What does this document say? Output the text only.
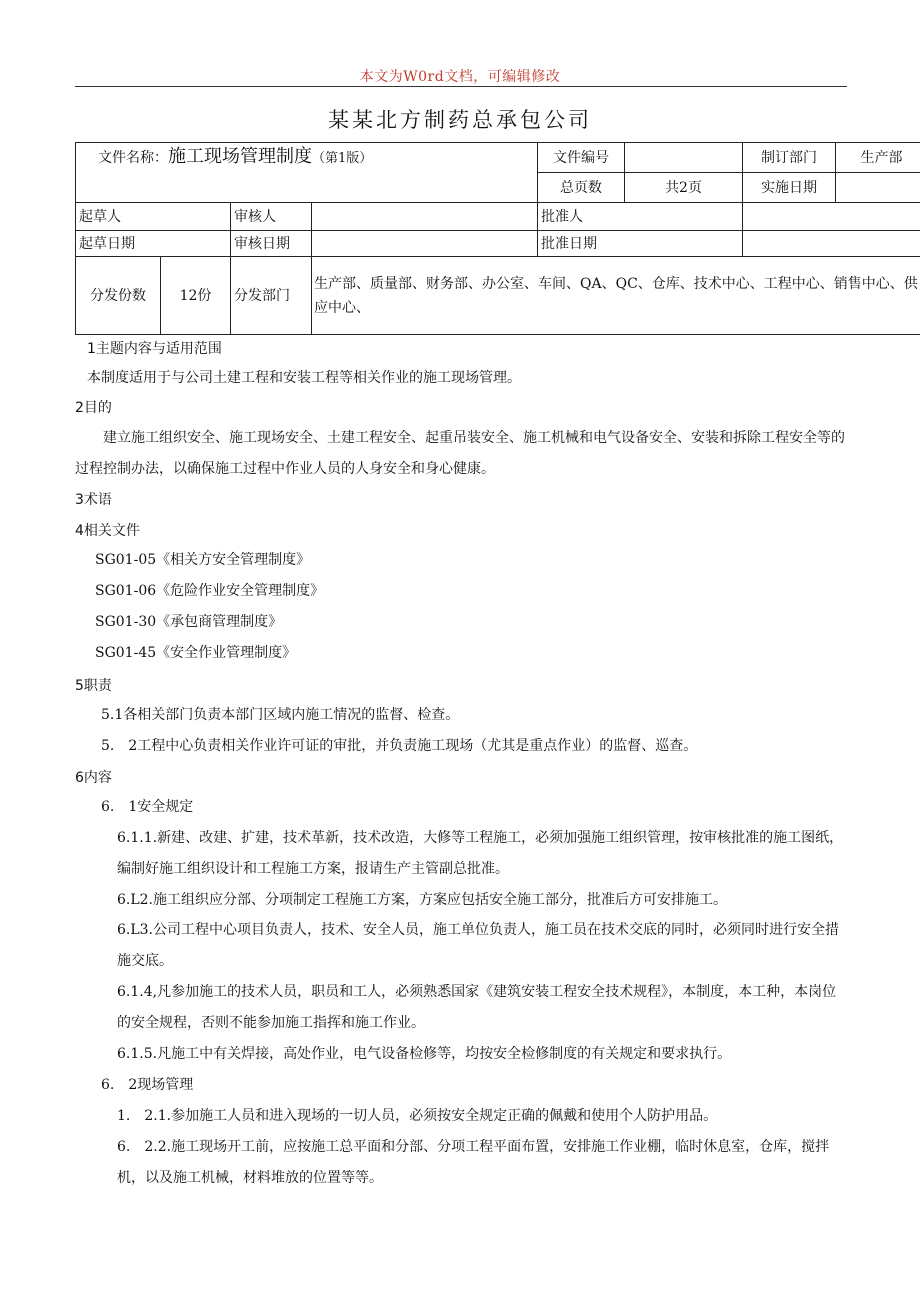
本文为W0rd文档，可编辑修改
某某北方制药总承包公司
文件名称：施工现场管理制度（第1版）				文件编号		制订部门	生产部
				总页数	共2页	实施日期	
起草人		审核人		批准人			
起草日期		审核日期		批准日期			
分发份数	12份	分发部门	生产部、质量部、财务部、办公室、车间、QA、QC、仓库、技术中心、工程中心、销售中心、供应中心、				
1主题内容与适用范围
本制度适用于与公司土建工程和安装工程等相关作业的施工现场管理。
2目的
建立施工组织安全、施工现场安全、土建工程安全、起重吊装安全、施工机械和电气设备安全、安装和拆除工程安全等的过程控制办法，以确保施工过程中作业人员的人身安全和身心健康。
3术语
4相关文件
SG01-05《相关方安全管理制度》
SG01-06《危险作业安全管理制度》
SG01-30《承包商管理制度》
SG01-45《安全作业管理制度》
5职责
5.1各相关部门负责本部门区域内施工情况的监督、检查。
5.　2工程中心负责相关作业许可证的审批，并负责施工现场（尤其是重点作业）的监督、巡查。
6内容
6.　1安全规定
6.1.1.新建、改建、扩建，技术革新，技术改造，大修等工程施工，必须加强施工组织管理，按审核批准的施工图纸，编制好施工组织设计和工程施工方案，报请生产主管副总批准。
6.L2.施工组织应分部、分项制定工程施工方案，方案应包括安全施工部分，批准后方可安排施工。
6.L3.公司工程中心项目负责人，技术、安全人员，施工单位负责人，施工员在技术交底的同时，必须同时进行安全措施交底。
6.1.4,凡参加施工的技术人员，职员和工人，必须熟悉国家《建筑安装工程安全技术规程》，本制度，本工种，本岗位的安全规程，否则不能参加施工指挥和施工作业。
6.1.5.凡施工中有关焊接，高处作业，电气设备检修等，均按安全检修制度的有关规定和要求执行。
6.　2现场管理
1.　2.1.参加施工人员和进入现场的一切人员，必须按安全规定正确的佩戴和使用个人防护用品。
6.　2.2.施工现场开工前，应按施工总平面和分部、分项工程平面布置，安排施工作业棚，临时休息室，仓库，搅拌机，以及施工机械，材料堆放的位置等等。
